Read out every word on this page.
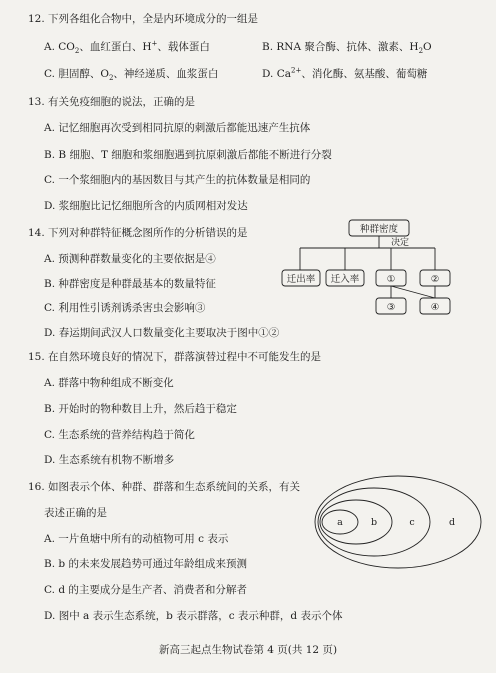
12. 下列各组化合物中，全是内环境成分的一组是
A. $CO_2$、血红蛋白、H+、载体蛋白	B. RNA 聚合酶、抗体、激素、$H_2O$
C. 胆固醇、$O_2$、神经递质、血浆蛋白	D. $Ca^{2+}$、消化酶、氨基酸、葡萄糖
13. 有关免疫细胞的说法，正确的是
A. 记忆细胞再次受到相同抗原的刺激后都能迅速产生抗体
B. B 细胞、T 细胞和浆细胞遇到抗原刺激后都能不断进行分裂
C. 一个浆细胞内的基因数目与其产生的抗体数量是相同的
D. 浆细胞比记忆细胞所含的内质网相对发达
14. 下列对种群特征概念图所作的分析错误的是
A. 预测种群数量变化的主要依据是④
B. 种群密度是种群最基本的数量特征
C. 利用性引诱剂诱杀害虫会影响③
D. 春运期间武汉人口数量变化主要取决于图中①②
种群密度
决定
迁出率 迁入率	①	②
③	④
15. 在自然环境良好的情况下，群落演替过程中不可能发生的是
A. 群落中物种组成不断变化
B. 开始时的物种数目上升，然后趋于稳定
C. 生态系统的营养结构趋于简化
D. 生态系统有机物不断增多
16. 如图表示个体、种群、群落和生态系统间的关系，有关
表述正确的是
A. 一片鱼塘中所有的动植物可用 c 表示
B. b 的未来发展趋势可通过年龄组成来预测
C. d 的主要成分是生产者、消费者和分解者
D. 图中 a 表示生态系统，b 表示群落，c 表示种群，d 表示个体
a	b	c	d
新高三起点生物试卷第 4 页(共 12 页)
